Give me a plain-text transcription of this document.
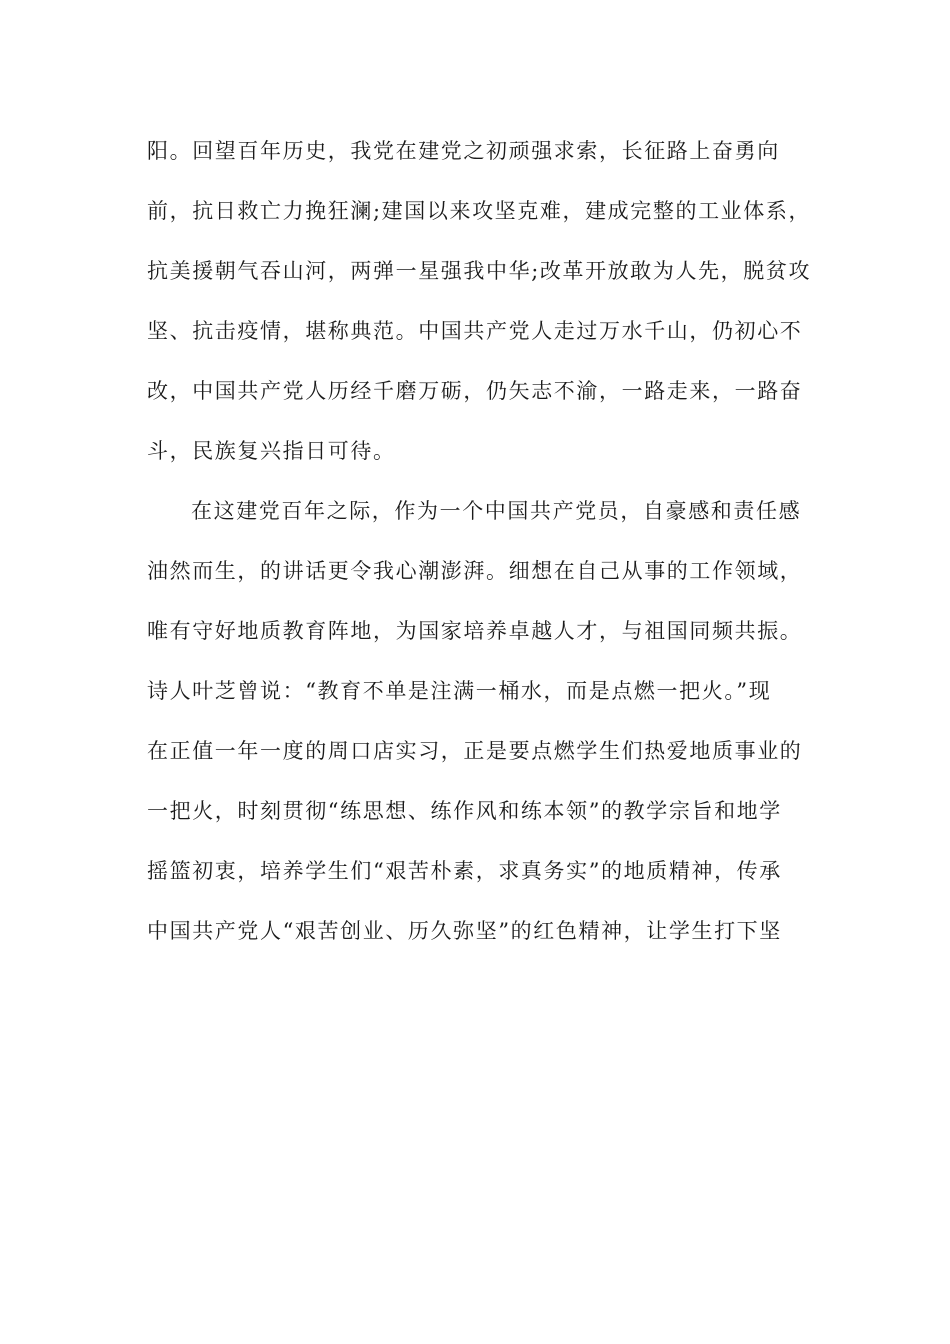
阳。回望百年历史，我党在建党之初顽强求索，长征路上奋勇向
前，抗日救亡力挽狂澜;建国以来攻坚克难，建成完整的工业体系，
抗美援朝气吞山河，两弹一星强我中华;改革开放敢为人先，脱贫攻
坚、抗击疫情，堪称典范。中国共产党人走过万水千山，仍初心不
改，中国共产党人历经千磨万砺，仍矢志不渝，一路走来，一路奋
斗，民族复兴指日可待。
在这建党百年之际，作为一个中国共产党员，自豪感和责任感
油然而生，的讲话更令我心潮澎湃。细想在自己从事的工作领域，
唯有守好地质教育阵地，为国家培养卓越人才，与祖国同频共振。
诗人叶芝曾说：“教育不单是注满一桶水，而是点燃一把火。”现
在正值一年一度的周口店实习，正是要点燃学生们热爱地质事业的
一把火，时刻贯彻“练思想、练作风和练本领”的教学宗旨和地学
摇篮初衷，培养学生们“艰苦朴素，求真务实”的地质精神，传承
中国共产党人“艰苦创业、历久弥坚”的红色精神，让学生打下坚
